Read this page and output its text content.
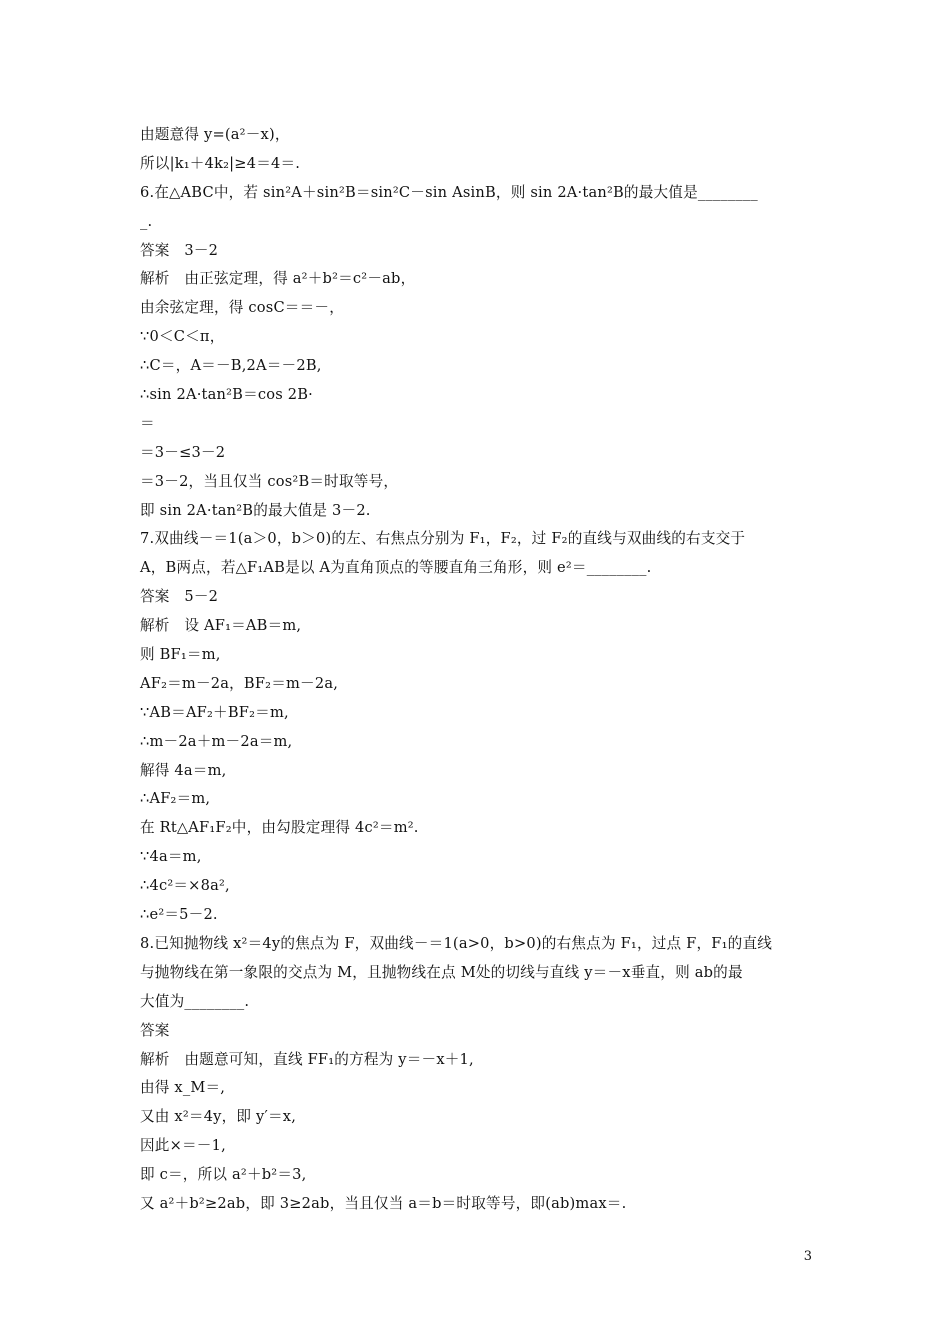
由题意得 y=(a²－x)，
所以|k₁＋4k₂|≥4＝4＝.
6.在△ABC中，若 sin²A＋sin²B＝sin²C－sin AsinB，则 sin 2A·tan²B的最大值是________
_.
答案　3－2
解析　由正弦定理，得 a²＋b²＝c²－ab，
由余弦定理，得 cosC＝＝－，
∵0＜C＜π，
∴C＝，A＝－B,2A＝－2B,
∴sin 2A·tan²B＝cos 2B·
＝
＝3－≤3－2
＝3－2，当且仅当 cos²B＝时取等号，
即 sin 2A·tan²B的最大值是 3－2.
7.双曲线－＝1(a＞0，b＞0)的左、右焦点分别为 F₁，F₂，过 F₂的直线与双曲线的右支交于
A，B两点，若△F₁AB是以 A为直角顶点的等腰直角三角形，则 e²＝________.
答案　5－2
解析　设 AF₁＝AB＝m,
则 BF₁＝m,
AF₂＝m－2a，BF₂＝m－2a,
∵AB＝AF₂＋BF₂＝m,
∴m－2a＋m－2a＝m,
解得 4a＝m,
∴AF₂＝m,
在 Rt△AF₁F₂中，由勾股定理得 4c²＝m².
∵4a＝m,
∴4c²＝×8a²,
∴e²＝5－2.
8.已知抛物线 x²＝4y的焦点为 F，双曲线－＝1(a>0，b>0)的右焦点为 F₁，过点 F，F₁的直线
与抛物线在第一象限的交点为 M，且抛物线在点 M处的切线与直线 y＝－x垂直，则 ab的最
大值为________.
答案
解析　由题意可知，直线 FF₁的方程为 y＝－x＋1,
由得 x_M＝,
又由 x²＝4y，即 y′＝x,
因此×＝－1,
即 c＝，所以 a²＋b²＝3,
又 a²＋b²≥2ab，即 3≥2ab，当且仅当 a＝b＝时取等号，即(ab)max＝.
3
